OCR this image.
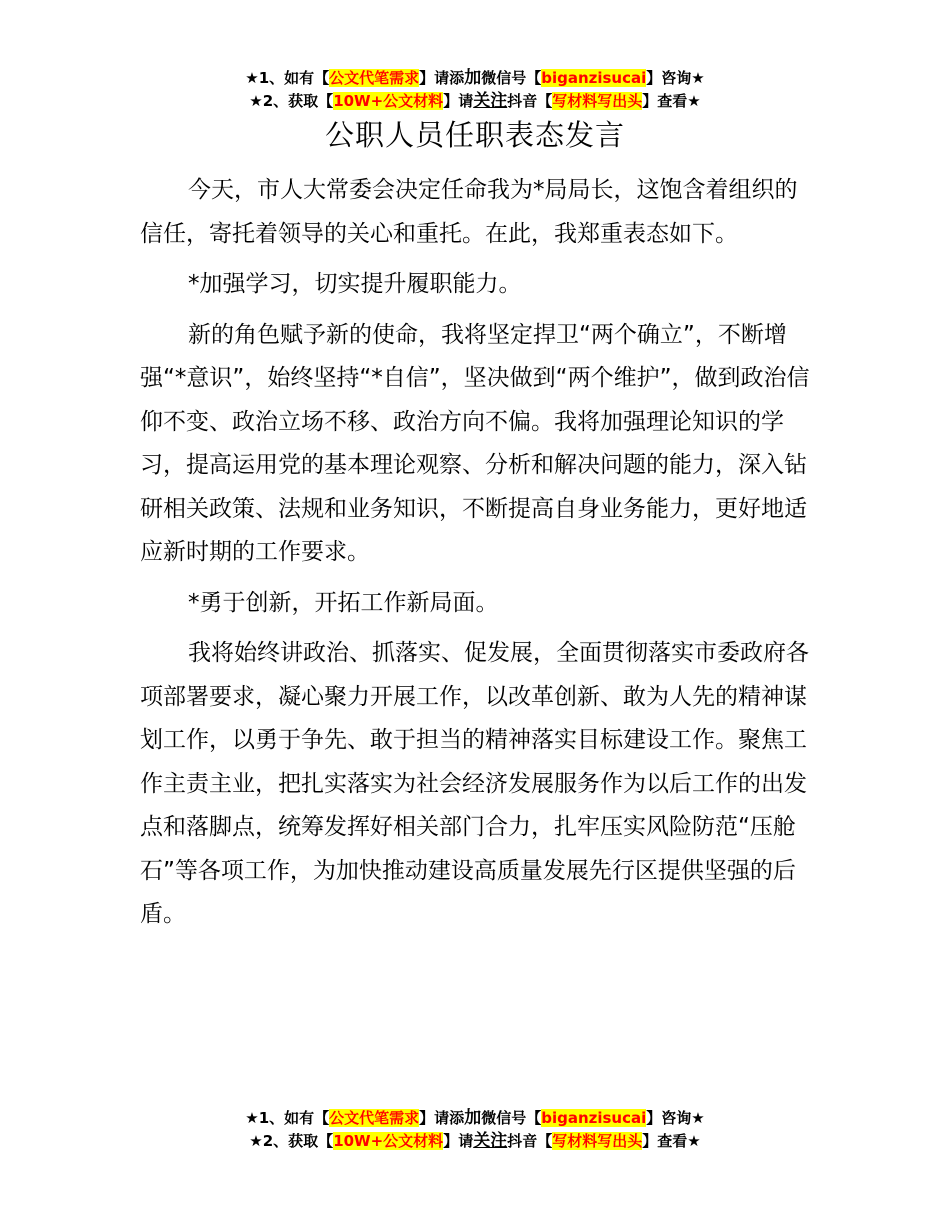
★1、如有【公文代笔需求】请添加微信号【biganzisucai】咨询★
★2、获取【10W+公文材料】请关注抖音【写材料写出头】查看★
公职人员任职表态发言

今天，市人大常委会决定任命我为*局局长，这饱含着组织的信任，寄托着领导的关心和重托。在此，我郑重表态如下。

*加强学习，切实提升履职能力。

新的角色赋予新的使命，我将坚定捍卫“两个确立”，不断增强“*意识”，始终坚持“*自信”，坚决做到“两个维护”，做到政治信仰不变、政治立场不移、政治方向不偏。我将加强理论知识的学习，提高运用党的基本理论观察、分析和解决问题的能力，深入钻研相关政策、法规和业务知识，不断提高自身业务能力，更好地适应新时期的工作要求。

*勇于创新，开拓工作新局面。

我将始终讲政治、抓落实、促发展，全面贯彻落实市委政府各项部署要求，凝心聚力开展工作，以改革创新、敢为人先的精神谋划工作，以勇于争先、敢于担当的精神落实目标建设工作。聚焦工作主责主业，把扎实落实为社会经济发展服务作为以后工作的出发点和落脚点，统筹发挥好相关部门合力，扎牢压实风险防范“压舱石”等各项工作，为加快推动建设高质量发展先行区提供坚强的后盾。

★1、如有【公文代笔需求】请添加微信号【biganzisucai】咨询★
★2、获取【10W+公文材料】请关注抖音【写材料写出头】查看★
